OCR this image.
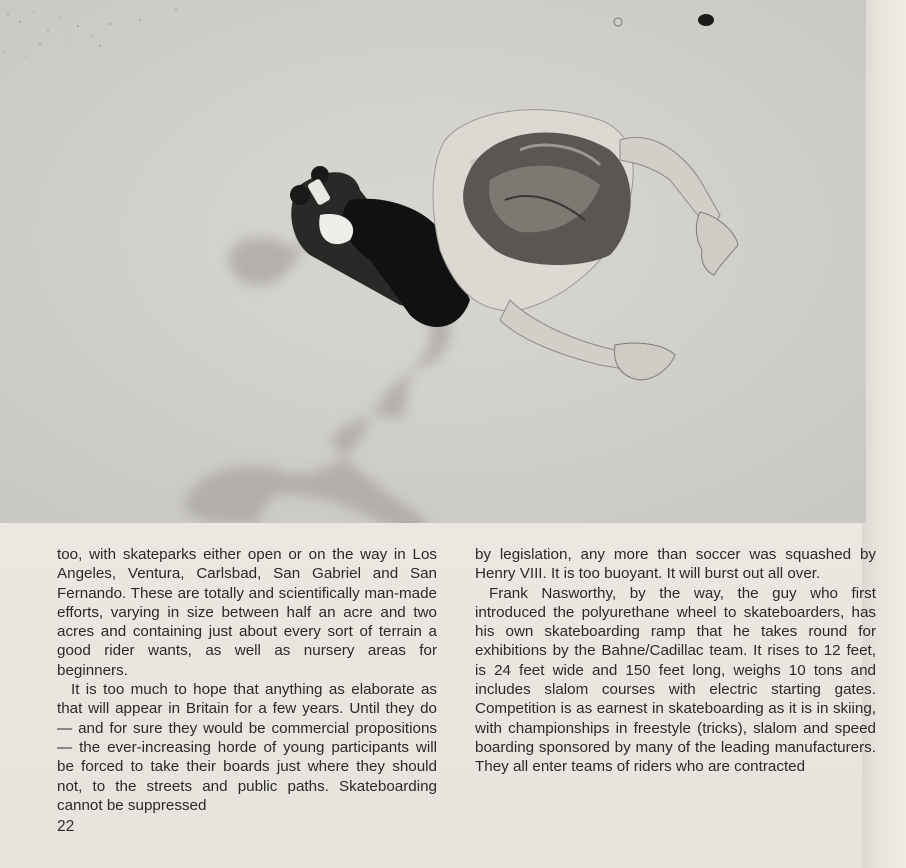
too, with skateparks either open or on the way in Los Angeles, Ventura, Carlsbad, San Gabriel and San Fernando. These are totally and scientifically man-made efforts, varying in size between half an acre and two acres and containing just about every sort of terrain a good rider wants, as well as nursery areas for beginners.

It is too much to hope that anything as elaborate as that will appear in Britain for a few years. Until they do — and for sure they would be commercial propositions — the ever-increasing horde of young participants will be forced to take their boards just where they should not, to the streets and public paths. Skateboarding cannot be suppressed

by legislation, any more than soccer was squashed by Henry VIII. It is too buoyant. It will burst out all over.

Frank Nasworthy, by the way, the guy who first introduced the polyurethane wheel to skateboarders, has his own skateboarding ramp that he takes round for exhibitions by the Bahne/Cadillac team. It rises to 12 feet, is 24 feet wide and 150 feet long, weighs 10 tons and includes slalom courses with electric starting gates. Competition is as earnest in skateboarding as it is in skiing, with championships in freestyle (tricks), slalom and speed boarding sponsored by many of the leading manufacturers. They all enter teams of riders who are contracted

22
